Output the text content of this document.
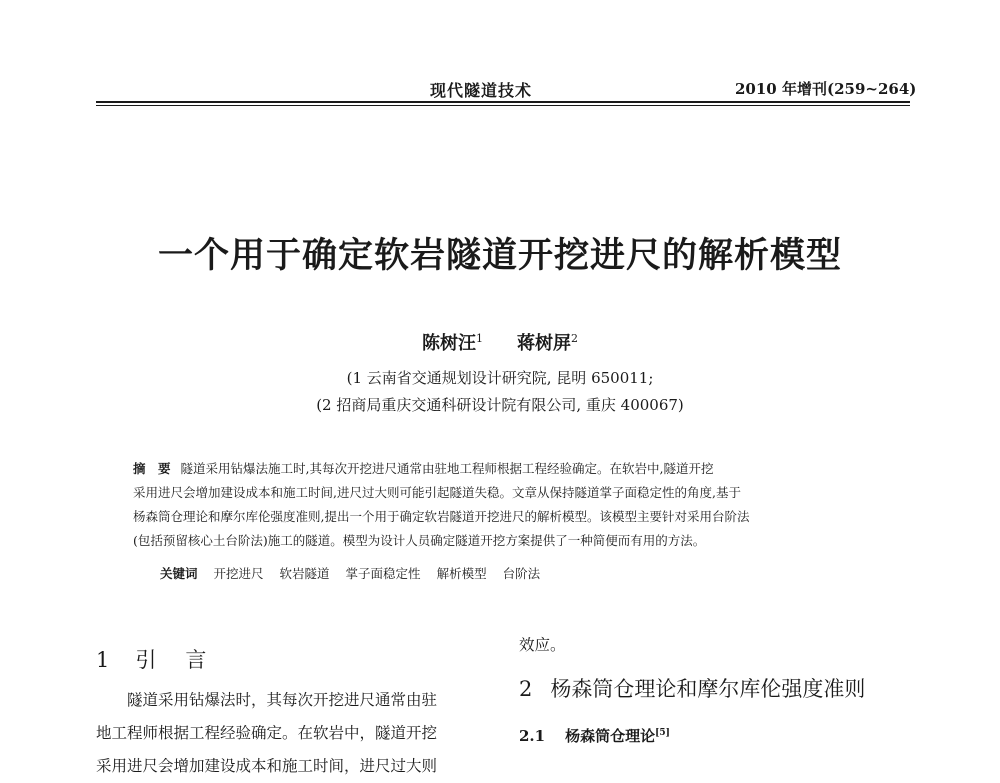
现代隧道技术	2010 年增刊(259~264)
一个用于确定软岩隧道开挖进尺的解析模型
陈树汪$^1$ 蒋树屏$^2$
(1 云南省交通规划设计研究院, 昆明 650011;
(2 招商局重庆交通科研设计院有限公司, 重庆 400067)
摘　要 隧道采用钻爆法施工时,其每次开挖进尺通常由驻地工程师根据工程经验确定。在软岩中,隧道开挖
采用进尺会增加建设成本和施工时间,进尺过大则可能引起隧道失稳。文章从保持隧道掌子面稳定性的角度,基于
杨森筒仓理论和摩尔库伦强度准则,提出一个用于确定软岩隧道开挖进尺的解析模型。该模型主要针对采用台阶法
(包括预留核心土台阶法)施工的隧道。模型为设计人员确定隧道开挖方案提供了一种简便而有用的方法。
关键词 开挖进尺 软岩隧道 掌子面稳定性 解析模型 台阶法
1 引　言
隧道采用钻爆法时，其每次开挖进尺通常由驻
地工程师根据工程经验确定。在软岩中，隧道开挖
采用进尺会增加建设成本和施工时间，进尺过大则
效应。
2 杨森筒仓理论和摩尔库伦强度准则
2.1 杨森筒仓理论[5]
